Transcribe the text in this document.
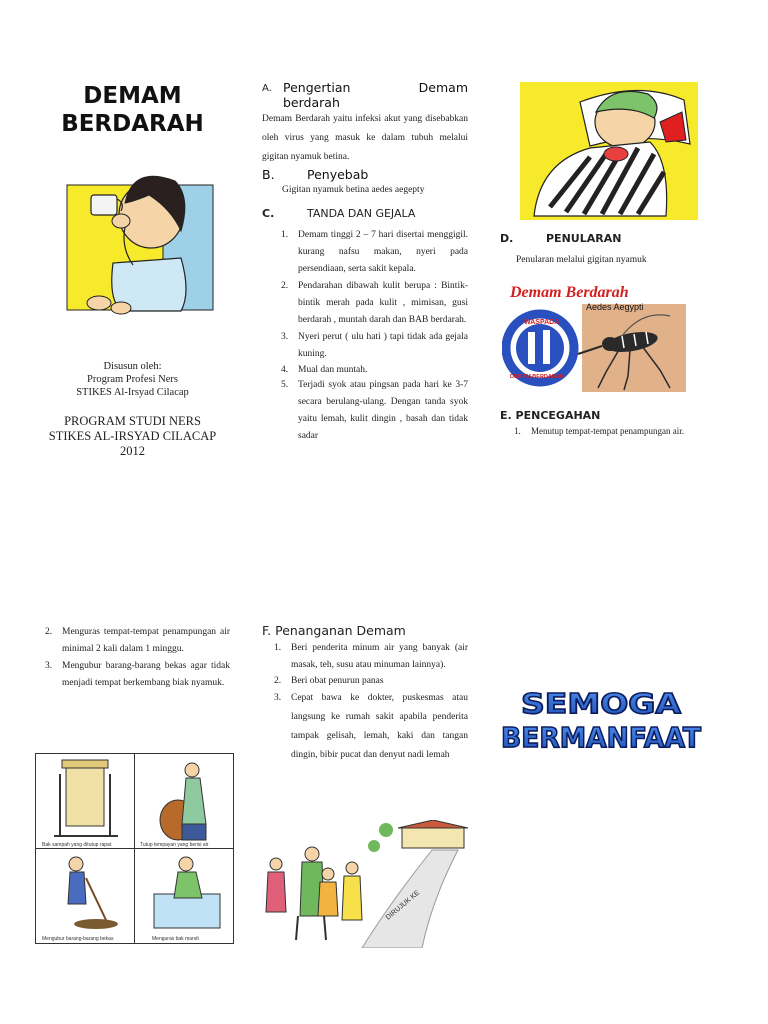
DEMAM
BERDARAH
Disusun oleh:
Program Profesi Ners
STIKES Al-Irsyad Cilacap
PROGRAM STUDI NERS
STIKES AL-IRSYAD CILACAP
2012
A. Pengertian Demam
berdarah

Demam Berdarah yaitu infeksi akut yang disebabkan oleh virus yang masuk ke dalam tubuh melalui gigitan nyamuk betina.

B.	Penyebab

Gigitan nyamuk betina aedes aegepty

C.	TANDA DAN GEJALA
1. Demam tinggi 2 – 7 hari disertai menggigil. kurang nafsu makan, nyeri pada persendiaan, serta sakit kepala.
2. Pendarahan dibawah kulit berupa : Bintik-bintik merah pada kulit , mimisan, gusi berdarah , muntah darah dan BAB berdarah.
3. Nyeri perut ( ulu hati ) tapi tidak ada gejala kuning.
4. Mual dan muntah.
5. Terjadi syok atau pingsan pada hari ke 3-7 secara berulang-ulang. Dengan tanda syok yaitu lemah, kulit dingin , basah dan tidak sadar
D.	PENULARAN

Penularan melalui gigitan nyamuk

Demam Berdarah
Aedes Aegypti
WASPADA
DEMAM BERDARAH
E. PENCEGAHAN
1. Menutup tempat-tempat penampungan air.
2. Menguras tempat-tempat penampungan air minimal 2 kali dalam 1 minggu.
3. Mengubur barang-barang bekas agar tidak menjadi tempat berkembang biak nyamuk.
Bak sampah yang ditutup rapat	Tutup tempayan yang berisi air
Mengubur barang-barang bekas	Menguras bak mandi
F. Penanganan Demam
1. Beri penderita minum air yang banyak (air masak, teh, susu atau minuman lainnya).
2. Beri obat penurun panas
3. Cepat bawa ke dokter, puskesmas atau langsung ke rumah sakit apabila penderita tampak gelisah, lemah, kaki dan tangan dingin, bibir pucat dan denyut nadi lemah
DIRUJUK KE
SEMOGA
BERMANFAAT
